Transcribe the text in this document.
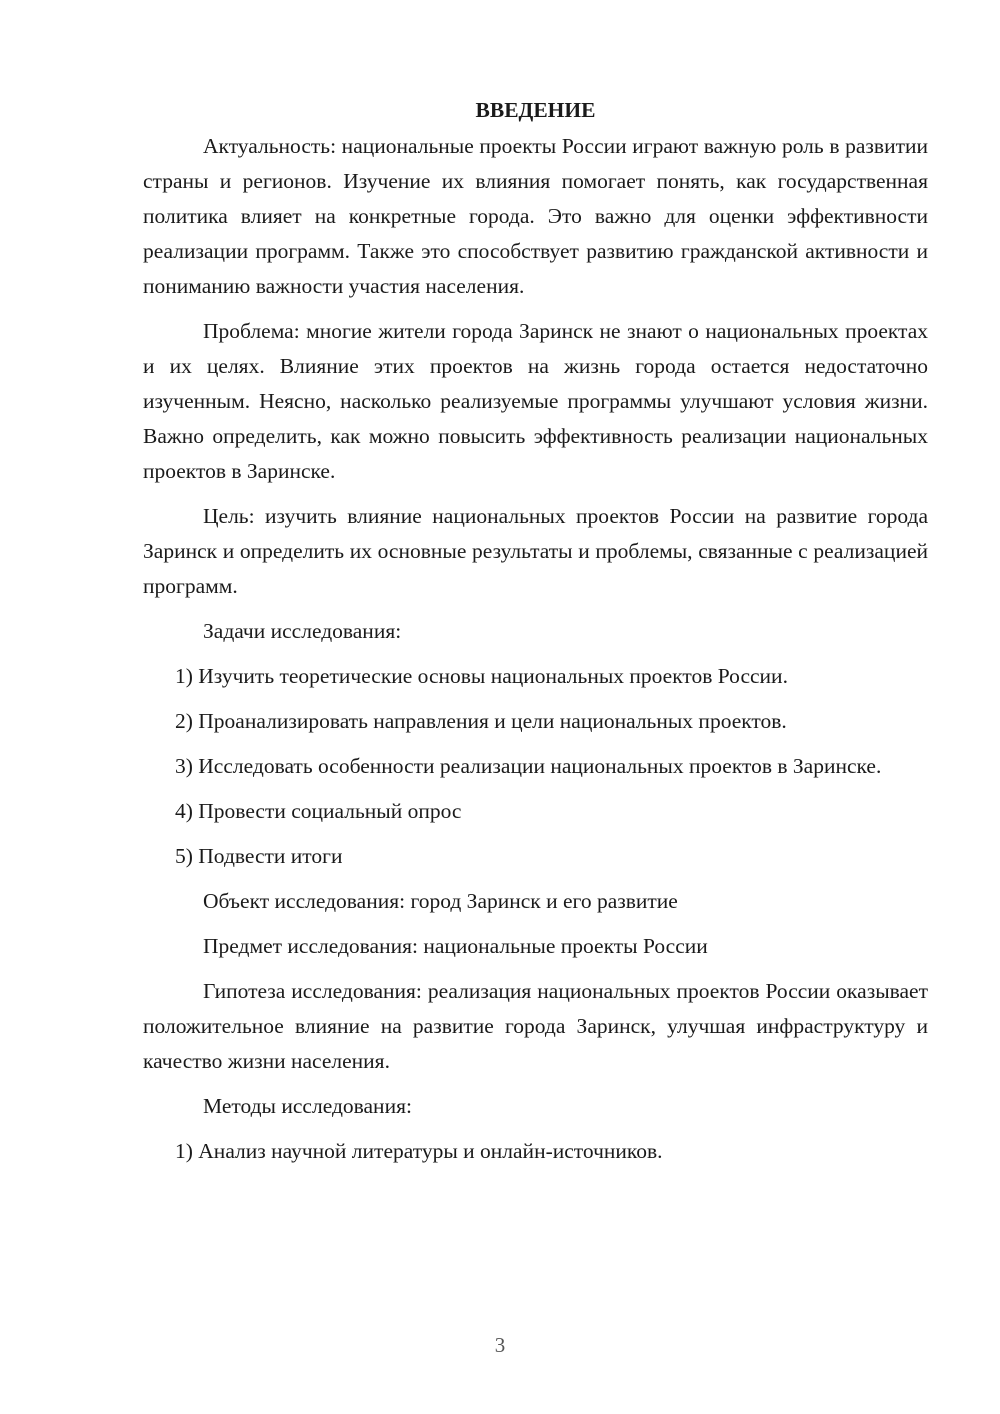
ВВЕДЕНИЕ

Актуальность: национальные проекты России играют важную роль в развитии страны и регионов. Изучение их влияния помогает понять, как государственная политика влияет на конкретные города. Это важно для оценки эффективности реализации программ. Также это способствует развитию гражданской активности и пониманию важности участия населения.

Проблема: многие жители города Заринск не знают о национальных проектах и их целях. Влияние этих проектов на жизнь города остается недостаточно изученным. Неясно, насколько реализуемые программы улучшают условия жизни. Важно определить, как можно повысить эффективность реализации национальных проектов в Заринске.

Цель: изучить влияние национальных проектов России на развитие города Заринск и определить их основные результаты и проблемы, связанные с реализацией программ.

Задачи исследования:

1) Изучить теоретические основы национальных проектов России.

2) Проанализировать направления и цели национальных проектов.

3) Исследовать особенности реализации национальных проектов в Заринске.

4) Провести социальный опрос

5) Подвести итоги

Объект исследования: город Заринск и его развитие

Предмет исследования: национальные проекты России

Гипотеза исследования: реализация национальных проектов России оказывает положительное влияние на развитие города Заринск, улучшая инфраструктуру и качество жизни населения.

Методы исследования:

1) Анализ научной литературы и онлайн-источников.

3
